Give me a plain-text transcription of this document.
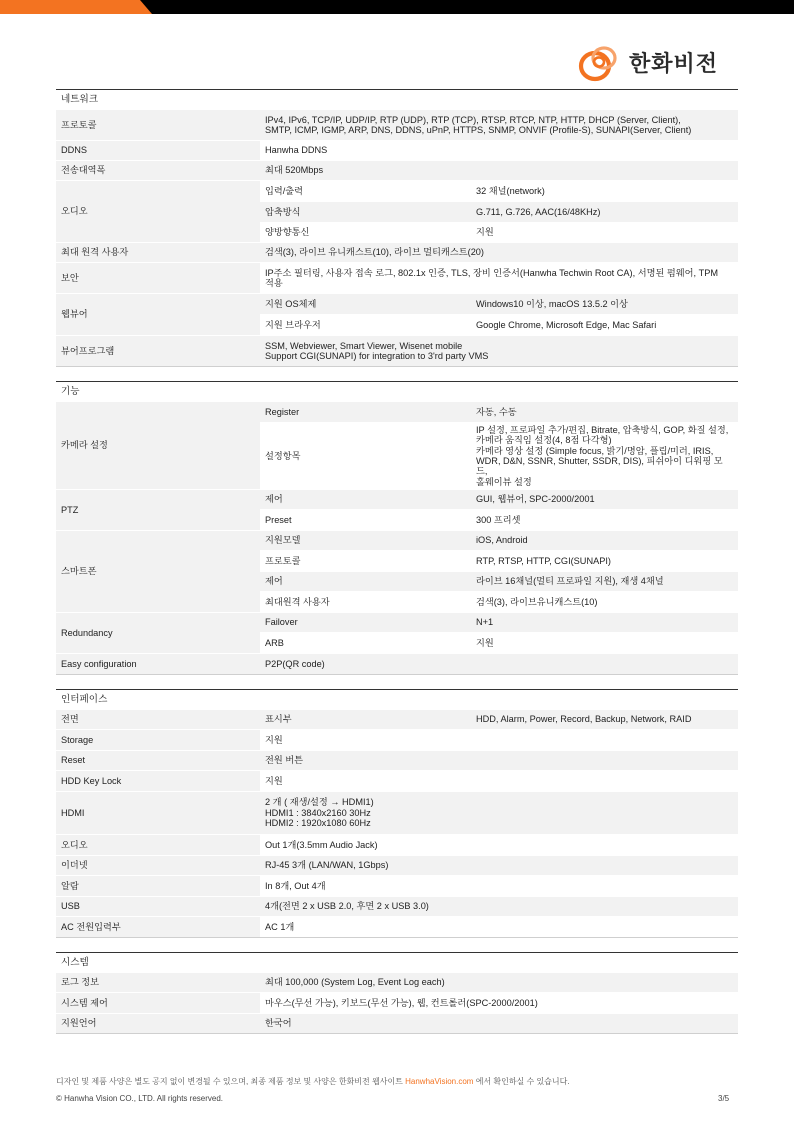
한화비전
네트워크
프로토콜	IPv4, IPv6, TCP/IP, UDP/IP, RTP (UDP), RTP (TCP), RTSP, RTCP, NTP, HTTP, DHCP (Server, Client),
SMTP, ICMP, IGMP, ARP, DNS, DDNS, uPnP, HTTPS, SNMP, ONVIF (Profile-S), SUNAPI(Server, Client)	
DDNS	Hanwha DDNS	
전송대역폭	최대 520Mbps	
오디오	입력/출력	32 채널(network)
	압축방식	G.711, G.726, AAC(16/48KHz)
	양방향통신	지원
최대 원격 사용자	검색(3), 라이브 유니캐스트(10), 라이브 멀티캐스트(20)	
보안	IP주소 필터링, 사용자 접속 로그, 802.1x 인증, TLS, 장비 인증서(Hanwha Techwin Root CA), 서명된 펌웨어, TPM
적용	
웹뷰어	지원 OS체제	Windows10 이상, macOS 13.5.2 이상
	지원 브라우저	Google Chrome, Microsoft Edge, Mac Safari
뷰어프로그램	SSM, Webviewer, Smart Viewer, Wisenet mobile
Support CGI(SUNAPI) for integration to 3'rd party VMS	
기능
카메라 설정	Register	자동, 수동
	설정항목	IP 설정, 프로파일 추가/편집, Bitrate, 압축방식, GOP, 화질 설정,
카메라 움직임 설정(4, 8점 다각형)
카메라 영상 설정 (Simple focus, 밝기/명암, 플립/미러, IRIS,
WDR, D&N, SSNR, Shutter, SSDR, DIS), 피쉬아이 디워핑 모드,
홀웨이뷰 설정
PTZ	제어	GUI, 웹뷰어, SPC-2000/2001
	Preset	300 프리셋
스마트폰	지원모델	iOS, Android
	프로토콜	RTP, RTSP, HTTP, CGI(SUNAPI)
	제어	라이브 16채널(멀티 프로파일 지원), 재생 4채널
	최대원격 사용자	검색(3), 라이브유니캐스트(10)
Redundancy	Failover	N+1
	ARB	지원
Easy configuration	P2P(QR code)	
인터페이스
전면	표시부	HDD, Alarm, Power, Record, Backup, Network, RAID
Storage	지원	
Reset	전원 버튼	
HDD Key Lock	지원	
HDMI	2 개 ( 재생/설정 → HDMI1)
HDMI1 : 3840x2160 30Hz
HDMI2 : 1920x1080 60Hz	
오디오	Out 1개(3.5mm Audio Jack)	
이더넷	RJ-45 3개 (LAN/WAN, 1Gbps)	
알람	In 8개, Out 4개	
USB	4개(전면 2 x USB 2.0, 후면 2 x USB 3.0)	
AC 전원입력부	AC 1개	
시스템
로그 정보	최대 100,000 (System Log, Event Log each)
시스템 제어	마우스(무선 가능), 키보드(무선 가능), 웹, 컨트롤러(SPC-2000/2001)
지원언어	한국어
디자인 및 제품 사양은 별도 공지 없이 변경될 수 있으며, 최종 제품 정보 및 사양은 한화비전 웹사이트 HanwhaVision.com 에서 확인하실 수 있습니다.
© Hanwha Vision CO., LTD. All rights reserved.	3/5
